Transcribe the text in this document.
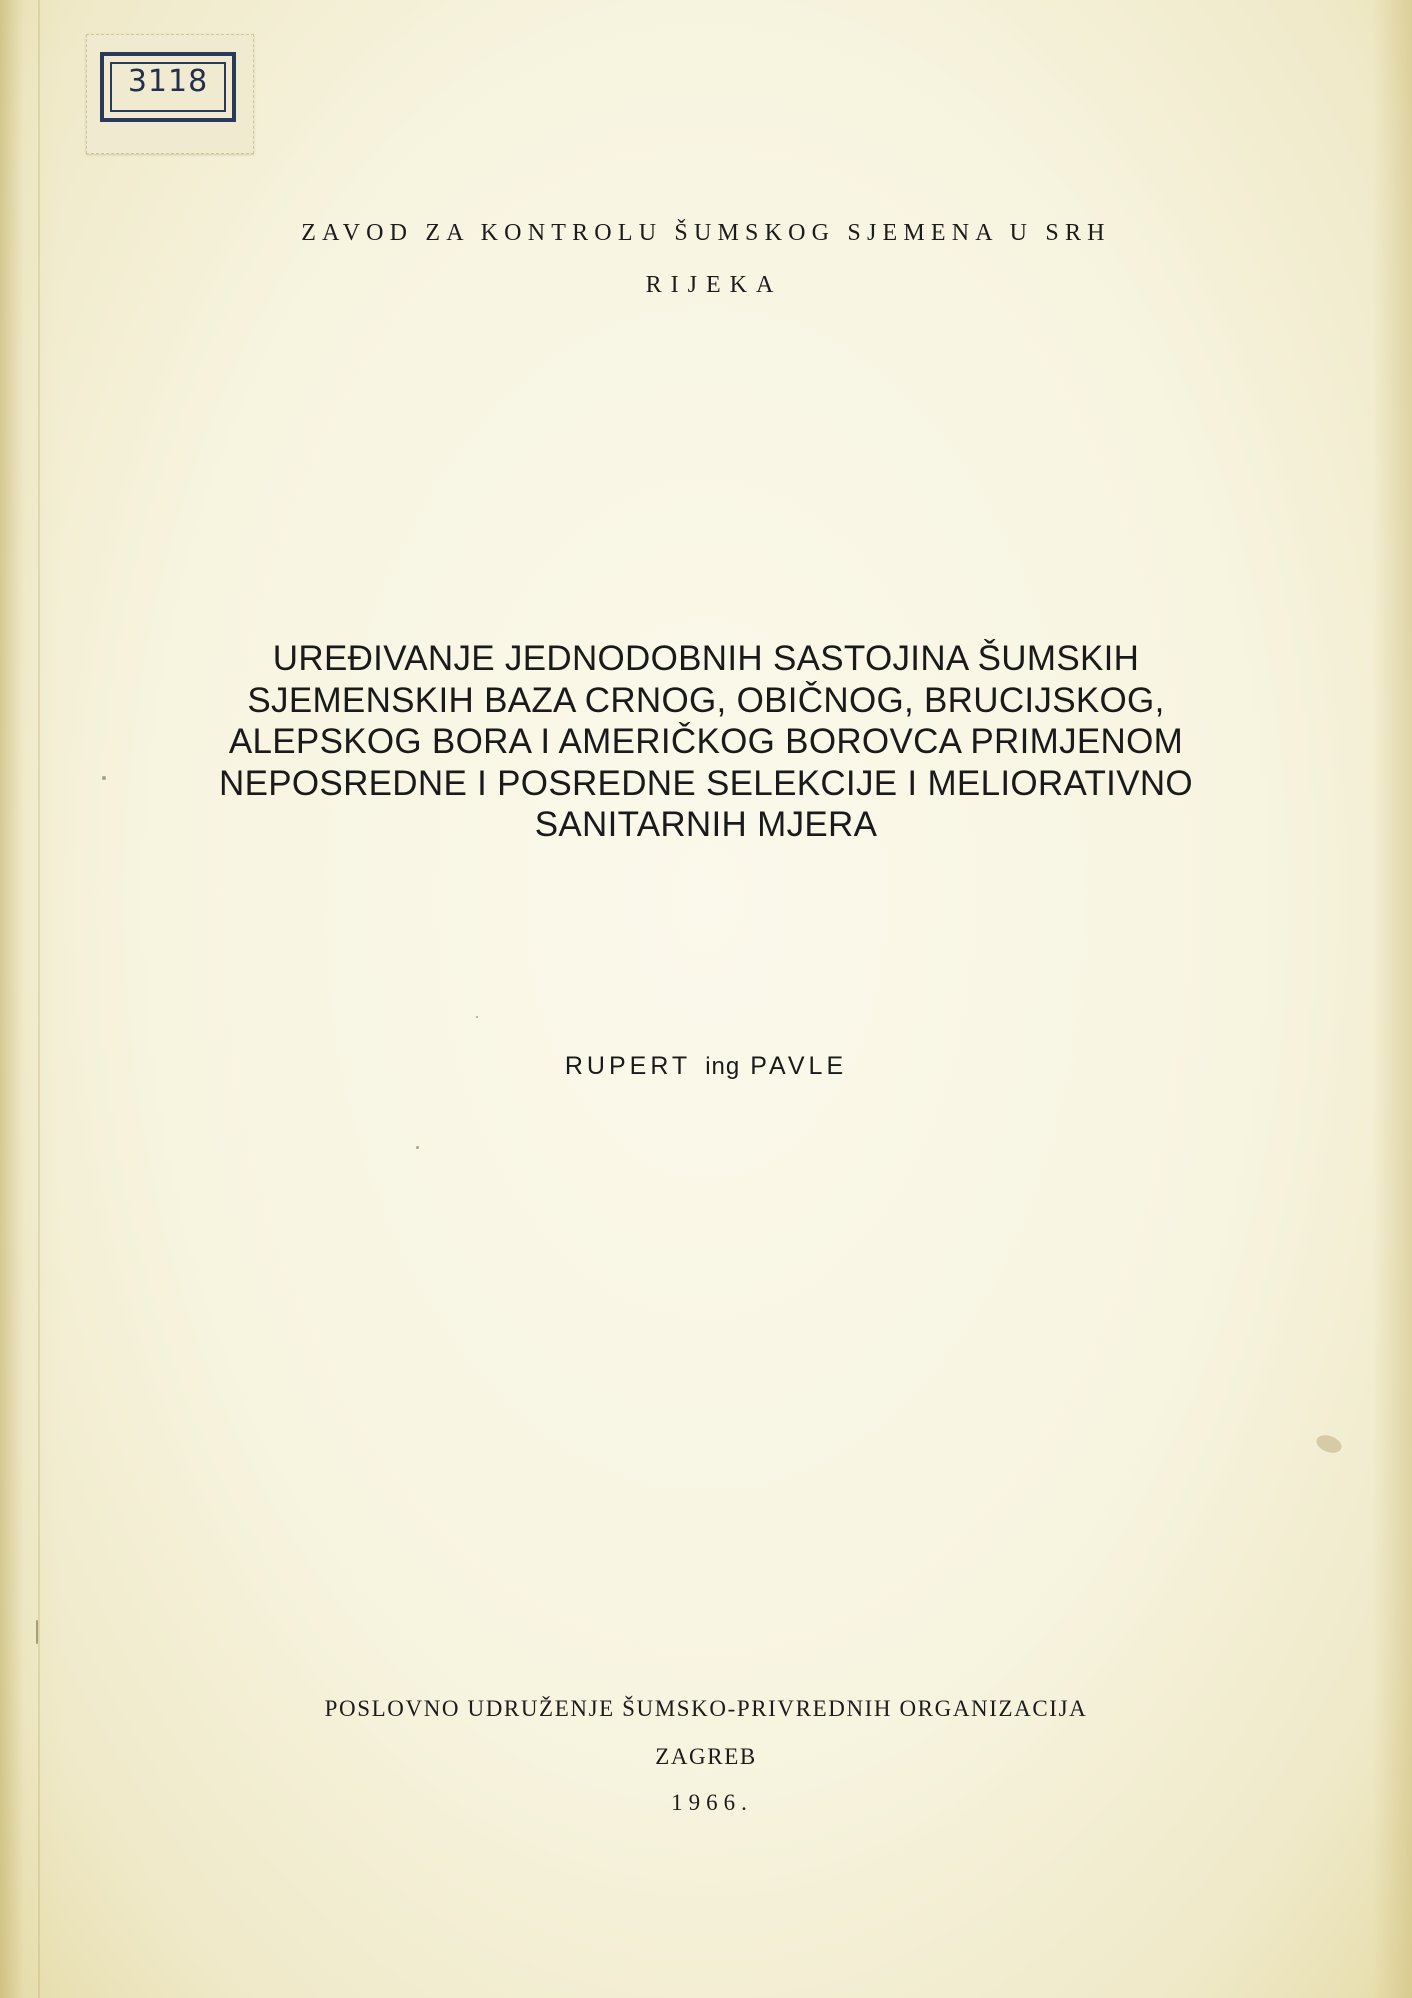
3118
ZAVOD ZA KONTROLU ŠUMSKOG SJEMENA U SRH
RIJEKA
UREĐIVANJE JEDNODOBNIH SASTOJINA ŠUMSKIH
SJEMENSKIH BAZA CRNOG, OBIČNOG, BRUCIJSKOG,
ALEPSKOG BORA I AMERIČKOG BOROVCA PRIMJENOM
NEPOSREDNE I POSREDNE SELEKCIJE I MELIORATIVNO
SANITARNIH MJERA
RUPERT ing PAVLE
POSLOVNO UDRUŽENJE ŠUMSKO-PRIVREDNIH ORGANIZACIJA
ZAGREB
1966.
